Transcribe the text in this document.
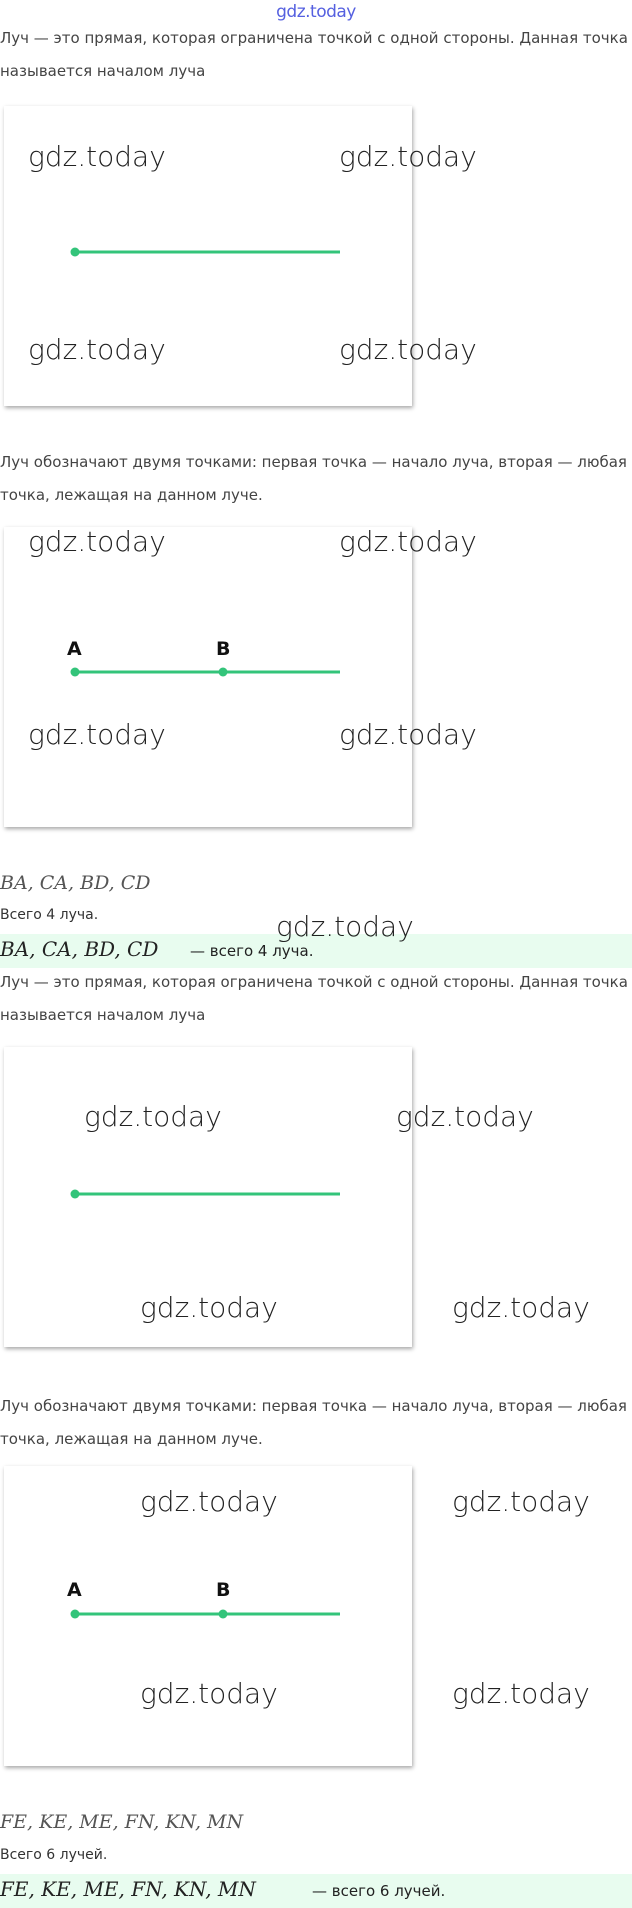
gdz.today
Луч — это прямая, которая ограничена точкой с одной стороны. Данная точка называется началом луча
gdz.today	gdz.today
gdz.today	gdz.today
Луч обозначают двумя точками: первая точка — начало луча, вторая — любая точка, лежащая на данном луче.
A	B
gdz.today	gdz.today
gdz.today	gdz.today
BA, CA, BD, CD
Всего 4 луча.
BA, CA, BD, CD — всего 4 луча.
gdz.today
Луч — это прямая, которая ограничена точкой с одной стороны. Данная точка называется началом луча
gdz.today	gdz.today
gdz.today	gdz.today
Луч обозначают двумя точками: первая точка — начало луча, вторая — любая точка, лежащая на данном луче.
A	B
gdz.today	gdz.today
gdz.today	gdz.today
FE, KE, ME, FN, KN, MN
Всего 6 лучей.
FE, KE, ME, FN, KN, MN	— всего 6 лучей.
